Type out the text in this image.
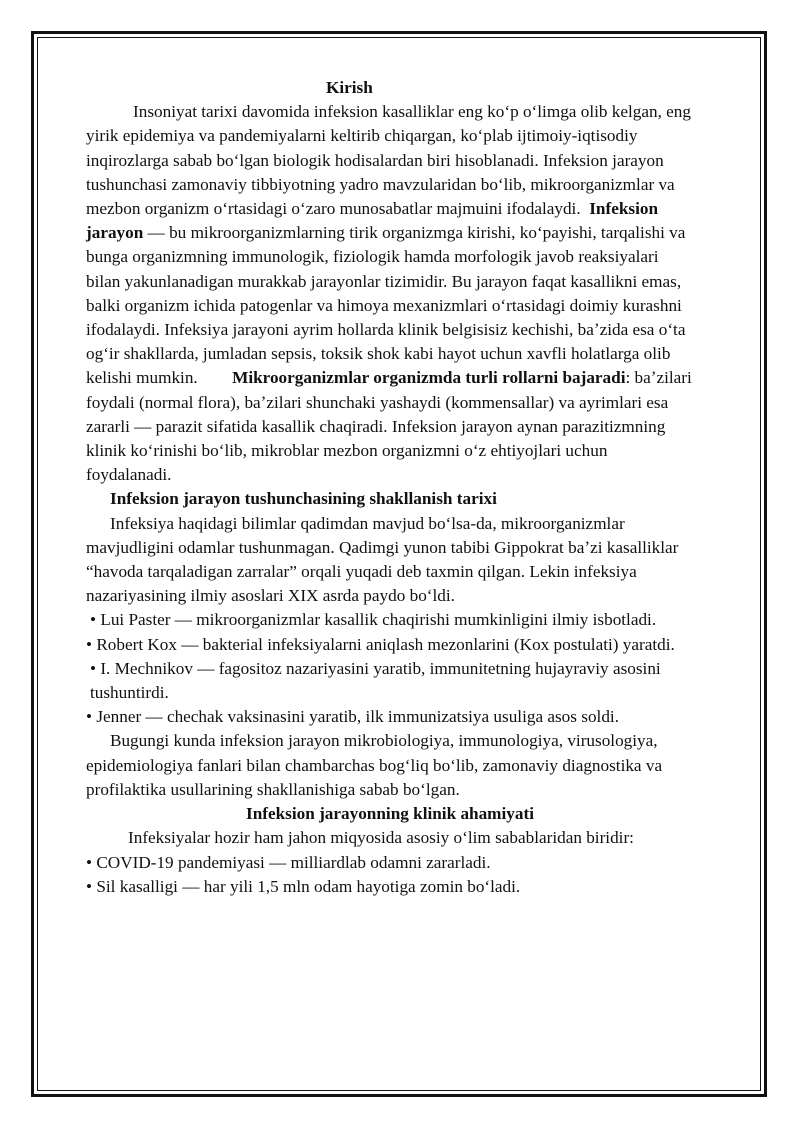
Kirish

Insoniyat tarixi davomida infeksion kasalliklar eng koʻp oʻlimga olib kelgan, eng yirik epidemiya va pandemiyalarni keltirib chiqargan, koʻplab ijtimoiy-iqtisodiy inqirozlarga sabab boʻlgan biologik hodisalardan biri hisoblanadi. Infeksion jarayon tushunchasi zamonaviy tibbiyotning yadro mavzularidan boʻlib, mikroorganizmlar va mezbon organizm oʻrtasidagi oʻzaro munosabatlar majmuini ifodalaydi. Infeksion jarayon — bu mikroorganizmlarning tirik organizmga kirishi, koʻpayishi, tarqalishi va bunga organizmning immunologik, fiziologik hamda morfologik javob reaksiyalari bilan yakunlanadigan murakkab jarayonlar tizimidir. Bu jarayon faqat kasallikni emas, balki organizm ichida patogenlar va himoya mexanizmlari oʻrtasidagi doimiy kurashni ifodalaydi. Infeksiya jarayoni ayrim hollarda klinik belgisisiz kechishi, baʼzida esa oʻta ogʻir shakllarda, jumladan sepsis, toksik shok kabi hayot uchun xavfli holatlarga olib kelishi mumkin. Mikroorganizmlar organizmda turli rollarni bajaradi: baʼzilari foydali (normal flora), baʼzilari shunchaki yashaydi (kommensallar) va ayrimlari esa zararli — parazit sifatida kasallik chaqiradi. Infeksion jarayon aynan parazitizmning klinik koʻrinishi boʻlib, mikroblar mezbon organizmni oʻz ehtiyojlari uchun foydalanadi.

Infeksion jarayon tushunchasining shakllanish tarixi

Infeksiya haqidagi bilimlar qadimdan mavjud boʻlsa-da, mikroorganizmlar mavjudligini odamlar tushunmagan. Qadimgi yunon tabibi Gippokrat baʼzi kasalliklar “havoda tarqaladigan zarralar” orqali yuqadi deb taxmin qilgan. Lekin infeksiya nazariyasining ilmiy asoslari XIX asrda paydo boʻldi.

• Lui Paster — mikroorganizmlar kasallik chaqirishi mumkinligini ilmiy isbotladi.

• Robert Kox — bakterial infeksiyalarni aniqlash mezonlarini (Kox postulati) yaratdi.

• I. Mechnikov — fagositoz nazariyasini yaratib, immunitetning hujayraviy asosini tushuntirdi.

• Jenner — chechak vaksinasini yaratib, ilk immunizatsiya usuliga asos soldi.

Bugungi kunda infeksion jarayon mikrobiologiya, immunologiya, virusologiya, epidemiologiya fanlari bilan chambarchas bogʻliq boʻlib, zamonaviy diagnostika va profilaktika usullarining shakllanishiga sabab boʻlgan.

Infeksion jarayonning klinik ahamiyati

Infeksiyalar hozir ham jahon miqyosida asosiy oʻlim sabablaridan biridir:

• COVID-19 pandemiyasi — milliardlab odamni zararladi.

• Sil kasalligi — har yili 1,5 mln odam hayotiga zomin boʻladi.
